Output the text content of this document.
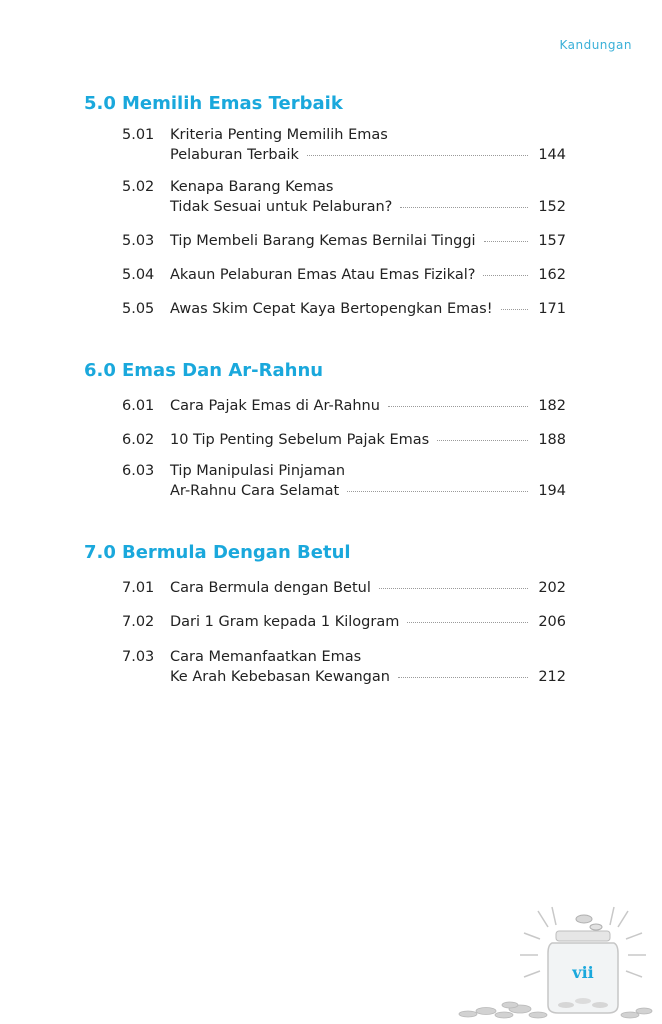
Kandungan
5.0 Memilih Emas Terbaik
5.01 Kriteria Penting Memilih Emas
Pelaburan Terbaik	144
5.02 Kenapa Barang Kemas
Tidak Sesuai untuk Pelaburan?	152
5.03 Tip Membeli Barang Kemas Bernilai Tinggi	157
5.04 Akaun Pelaburan Emas Atau Emas Fizikal?	162
5.05 Awas Skim Cepat Kaya Bertopengkan Emas!	171
6.0 Emas Dan Ar-Rahnu
6.01 Cara Pajak Emas di Ar-Rahnu	182
6.02 10 Tip Penting Sebelum Pajak Emas	188
6.03 Tip Manipulasi Pinjaman
Ar-Rahnu Cara Selamat	194
7.0 Bermula Dengan Betul
7.01 Cara Bermula dengan Betul	202
7.02 Dari 1 Gram kepada 1 Kilogram	206
7.03 Cara Memanfaatkan Emas
Ke Arah Kebebasan Kewangan	212
vii
